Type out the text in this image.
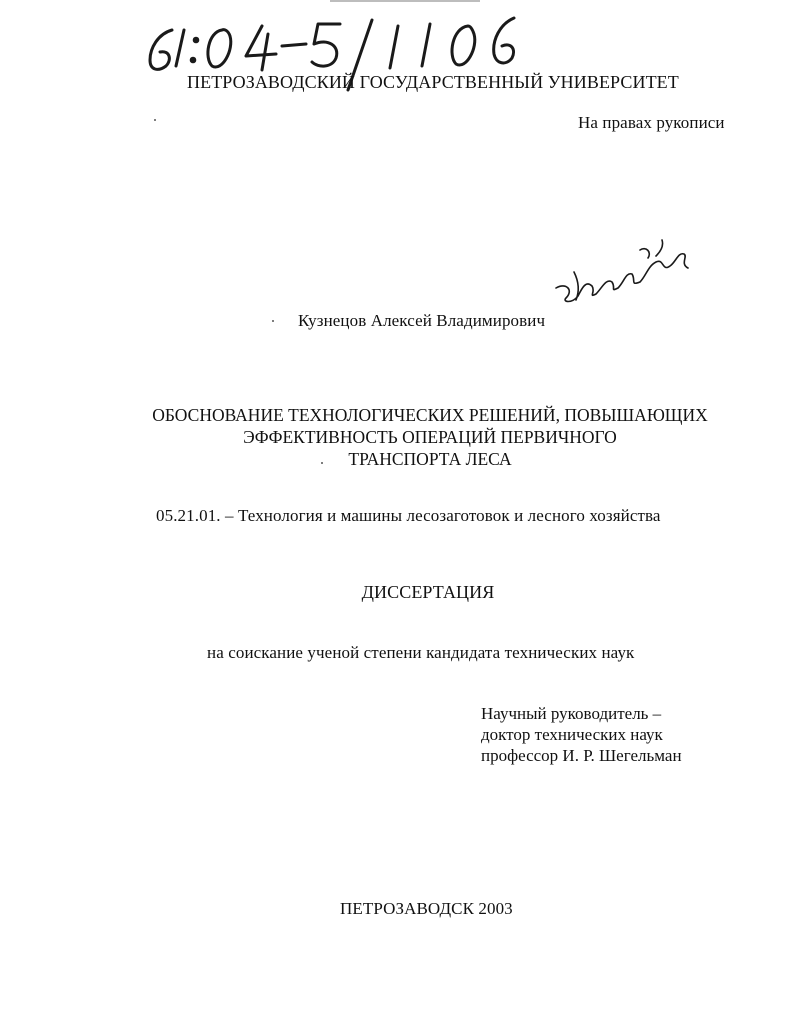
ПЕТРОЗАВОДСКИЙ ГОСУДАРСТВЕННЫЙ УНИВЕРСИТЕТ
На правах рукописи
Кузнецов Алексей Владимирович
ОБОСНОВАНИЕ ТЕХНОЛОГИЧЕСКИХ РЕШЕНИЙ, ПОВЫШАЮЩИХ
ЭФФЕКТИВНОСТЬ ОПЕРАЦИЙ ПЕРВИЧНОГО
ТРАНСПОРТА ЛЕСА
05.21.01. – Технология и машины лесозаготовок и лесного хозяйства
ДИССЕРТАЦИЯ
на соискание ученой степени кандидата технических наук
Научный руководитель –
доктор технических наук
профессор И. Р. Шегельман
ПЕТРОЗАВОДСК 2003
